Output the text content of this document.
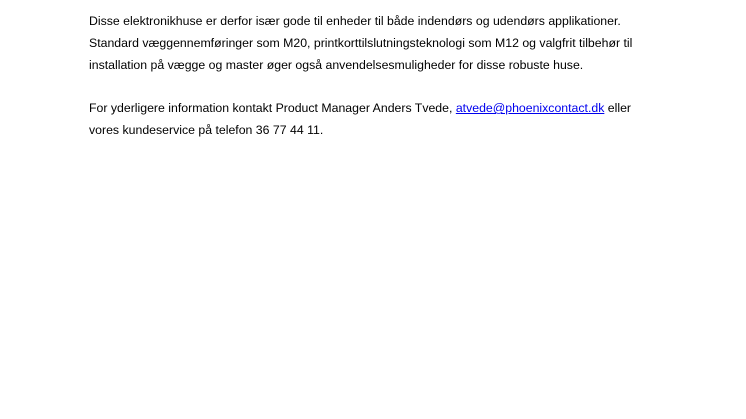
Disse elektronikhuse er derfor især gode til enheder til både indendørs og udendørs applikationer.
Standard væggennemføringer som M20, printkorttilslutningsteknologi som M12 og valgfrit tilbehør til
installation på vægge og master øger også anvendelsesmuligheder for disse robuste huse.

For yderligere information kontakt Product Manager Anders Tvede, atvede@phoenixcontact.dk eller
vores kundeservice på telefon 36 77 44 11.
